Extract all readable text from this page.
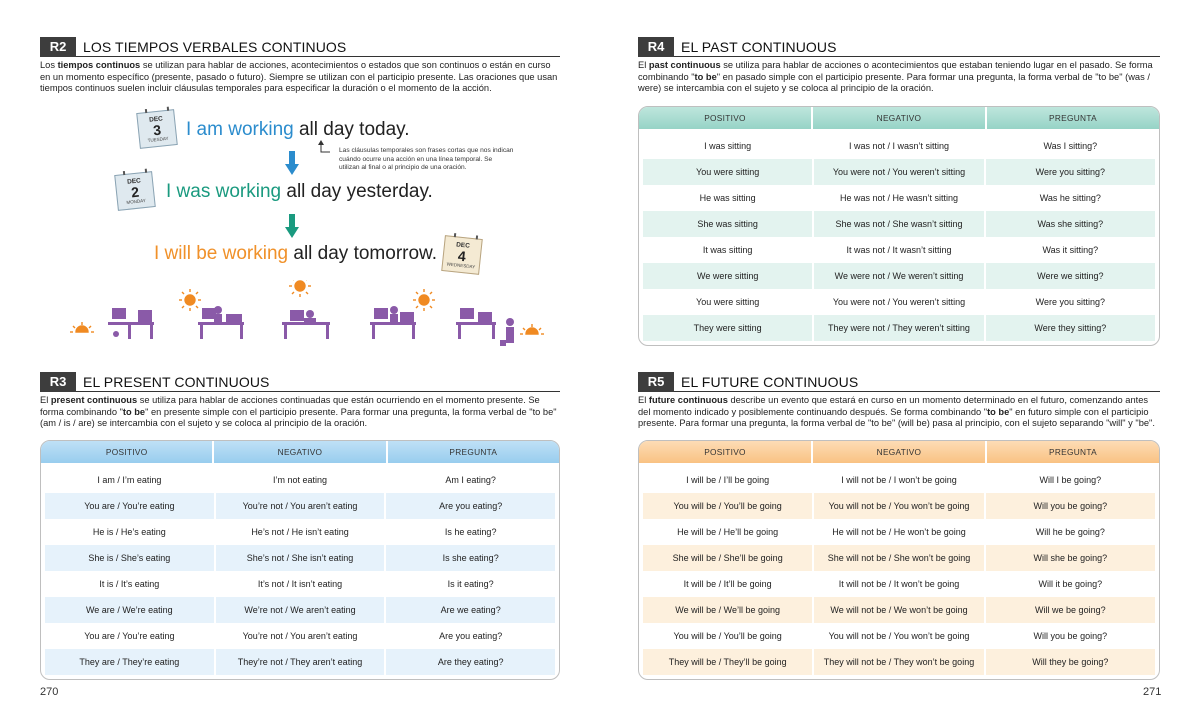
R2	LOS TIEMPOS VERBALES CONTINUOS

Los tiempos continuos se utilizan para hablar de acciones, acontecimientos o estados que son continuos o están en curso en un momento específico (presente, pasado o futuro). Siempre se utilizan con el participio presente. Las oraciones que usan tiempos continuos suelen incluir cláusulas temporales para especificar la duración o el momento de la acción.

DEC
3
TUESDAY I am working all day today.
Las cláusulas temporales son frases cortas que nos indican cuándo ocurre una acción en una línea temporal. Se utilizan al final o al principio de una oración.
DEC
2
MONDAY I was working all day yesterday.
I will be working all day tomorrow.	DEC
4
WEDNESDAY
R3	EL PRESENT CONTINUOUS

El present continuous se utiliza para hablar de acciones continuadas que están ocurriendo en el momento presente. Se forma combinando "to be" en presente simple con el participio presente. Para formar una pregunta, la forma verbal de "to be" (am / is / are) se intercambia con el sujeto y se coloca al principio de la oración.

POSITIVO	NEGATIVO	PREGUNTA
I am / I’m eating	I’m not eating	Am I eating?
You are / You’re eating	You’re not / You aren’t eating	Are you eating?
He is / He’s eating	He’s not / He isn’t eating	Is he eating?
She is / She’s eating	She’s not / She isn’t eating	Is she eating?
It is / It’s eating	It’s not / It isn’t eating	Is it eating?
We are / We’re eating	We’re not / We aren’t eating	Are we eating?
You are / You’re eating	You’re not / You aren’t eating	Are you eating?
They are / They’re eating	They’re not / They aren’t eating	Are they eating?
270
R4	EL PAST CONTINUOUS

El past continuous se utiliza para hablar de acciones o acontecimientos que estaban teniendo lugar en el pasado. Se forma combinando "to be" en pasado simple con el participio presente. Para formar una pregunta, la forma verbal de "to be" (was / were) se intercambia con el sujeto y se coloca al principio de la oración.

POSITIVO	NEGATIVO	PREGUNTA
I was sitting	I was not / I wasn’t sitting	Was I sitting?
You were sitting	You were not / You weren’t sitting	Were you sitting?
He was sitting	He was not / He wasn’t sitting	Was he sitting?
She was sitting	She was not / She wasn’t sitting	Was she sitting?
It was sitting	It was not / It wasn’t sitting	Was it sitting?
We were sitting	We were not / We weren’t sitting	Were we sitting?
You were sitting	You were not / You weren’t sitting	Were you sitting?
They were sitting	They were not / They weren’t sitting	Were they sitting?
R5	EL FUTURE CONTINUOUS

El future continuous describe un evento que estará en curso en un momento determinado en el futuro, comenzando antes del momento indicado y posiblemente continuando después. Se forma combinando "to be" en futuro simple con el participio presente. Para formar una pregunta, la forma verbal de "to be" (will be) pasa al principio, con el sujeto separando "will" y "be".

POSITIVO	NEGATIVO	PREGUNTA
I will be / I’ll be going	I will not be / I won’t be going	Will I be going?
You will be / You’ll be going	You will not be / You won’t be going	Will you be going?
He will be / He’ll be going	He will not be / He won’t be going	Will he be going?
She will be / She’ll be going	She will not be / She won’t be going	Will she be going?
It will be / It’ll be going	It will not be / It won’t be going	Will it be going?
We will be / We’ll be going	We will not be / We won’t be going	Will we be going?
You will be / You’ll be going	You will not be / You won’t be going	Will you be going?
They will be / They’ll be going	They will not be / They won’t be going	Will they be going?
271
